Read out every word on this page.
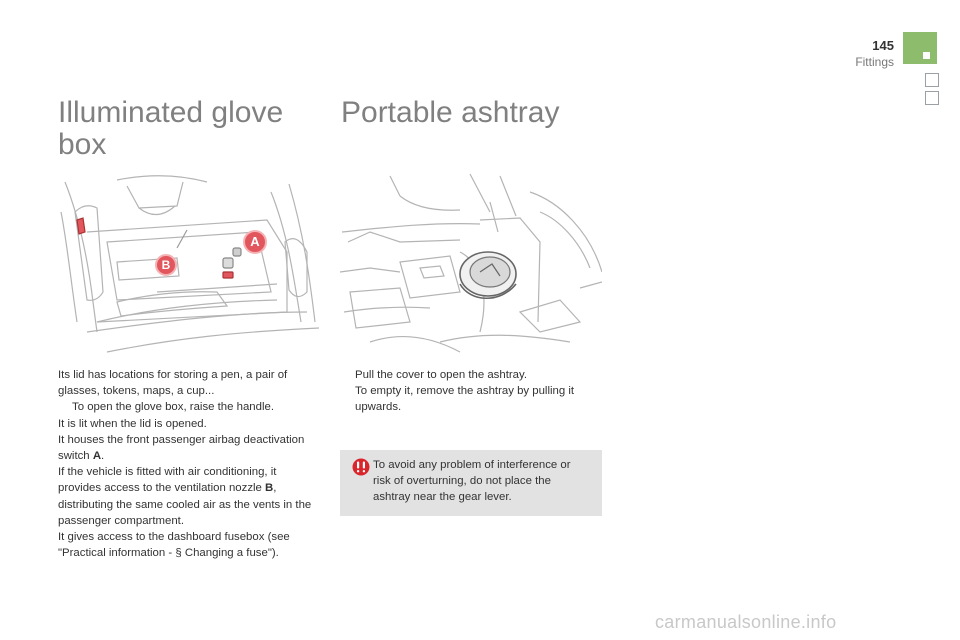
145
Fittings
Illuminated glove box
Portable ashtray
A
B

Its lid has locations for storing a pen, a pair of glasses, tokens, maps, a cup...

To open the glove box, raise the handle.

It is lit when the lid is opened.

It houses the front passenger airbag deactivation switch A.

If the vehicle is fitted with air conditioning, it provides access to the ventilation nozzle B, distributing the same cooled air as the vents in the passenger compartment.

It gives access to the dashboard fusebox (see "Practical information - § Changing a fuse").

Pull the cover to open the ashtray.
To empty it, remove the ashtray by pulling it upwards.
To avoid any problem of interference or risk of overturning, do not place the ashtray near the gear lever.
carmanualsonline.info
